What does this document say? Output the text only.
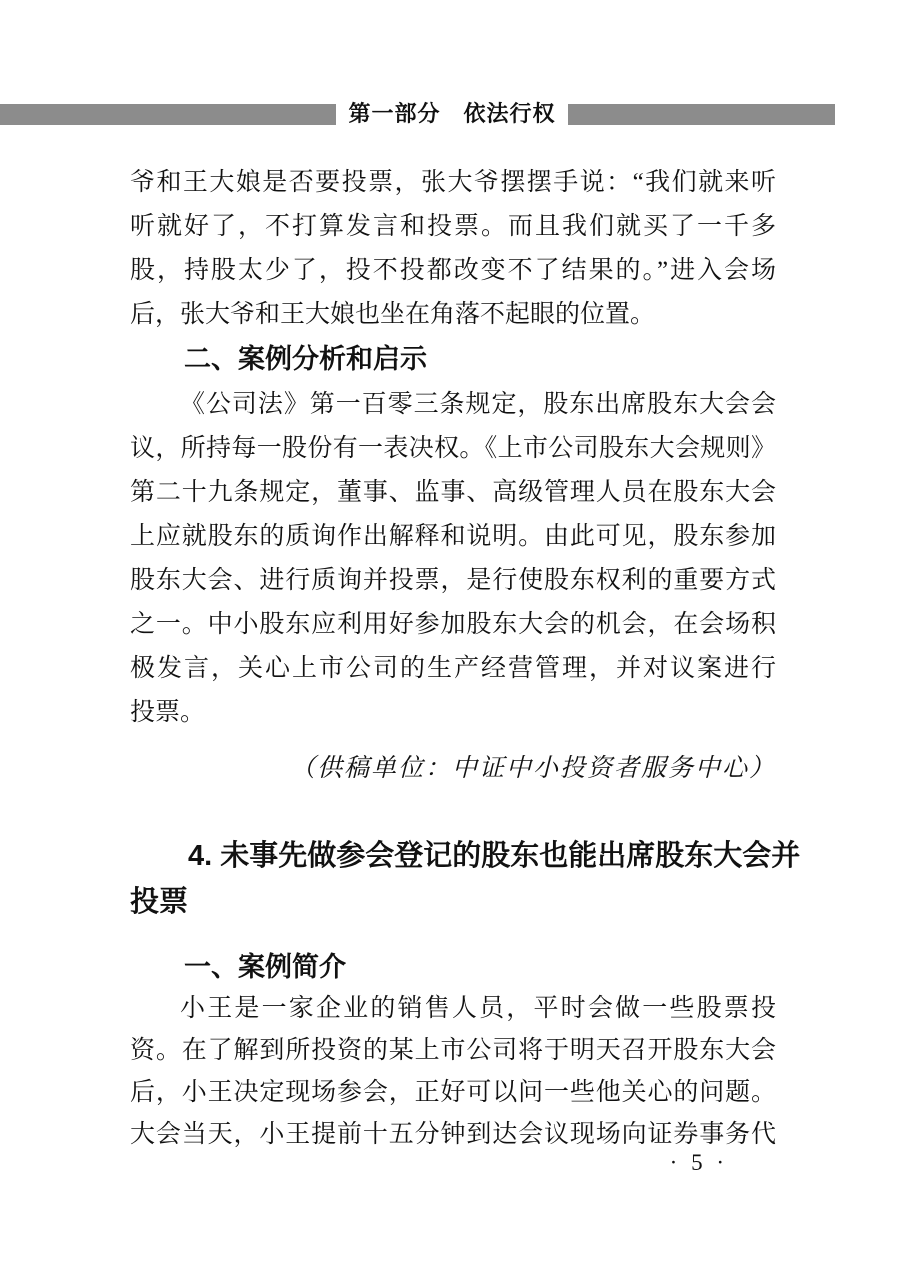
第一部分　依法行权
爷和王大娘是否要投票，张大爷摆摆手说：“我们就来听
听就好了，不打算发言和投票。而且我们就买了一千多
股，持股太少了，投不投都改变不了结果的。”进入会场
后，张大爷和王大娘也坐在角落不起眼的位置。
二、案例分析和启示
《公司法》第一百零三条规定，股东出席股东大会会
议，所持每一股份有一表决权。《上市公司股东大会规则》
第二十九条规定，董事、监事、高级管理人员在股东大会
上应就股东的质询作出解释和说明。由此可见，股东参加
股东大会、进行质询并投票，是行使股东权利的重要方式
之一。中小股东应利用好参加股东大会的机会，在会场积
极发言，关心上市公司的生产经营管理，并对议案进行
投票。
（供稿单位：中证中小投资者服务中心）
4. 未事先做参会登记的股东也能出席股东大会并
投票
一、案例简介
小王是一家企业的销售人员，平时会做一些股票投
资。在了解到所投资的某上市公司将于明天召开股东大会
后，小王决定现场参会，正好可以问一些他关心的问题。
大会当天，小王提前十五分钟到达会议现场向证券事务代
· 5 ·
